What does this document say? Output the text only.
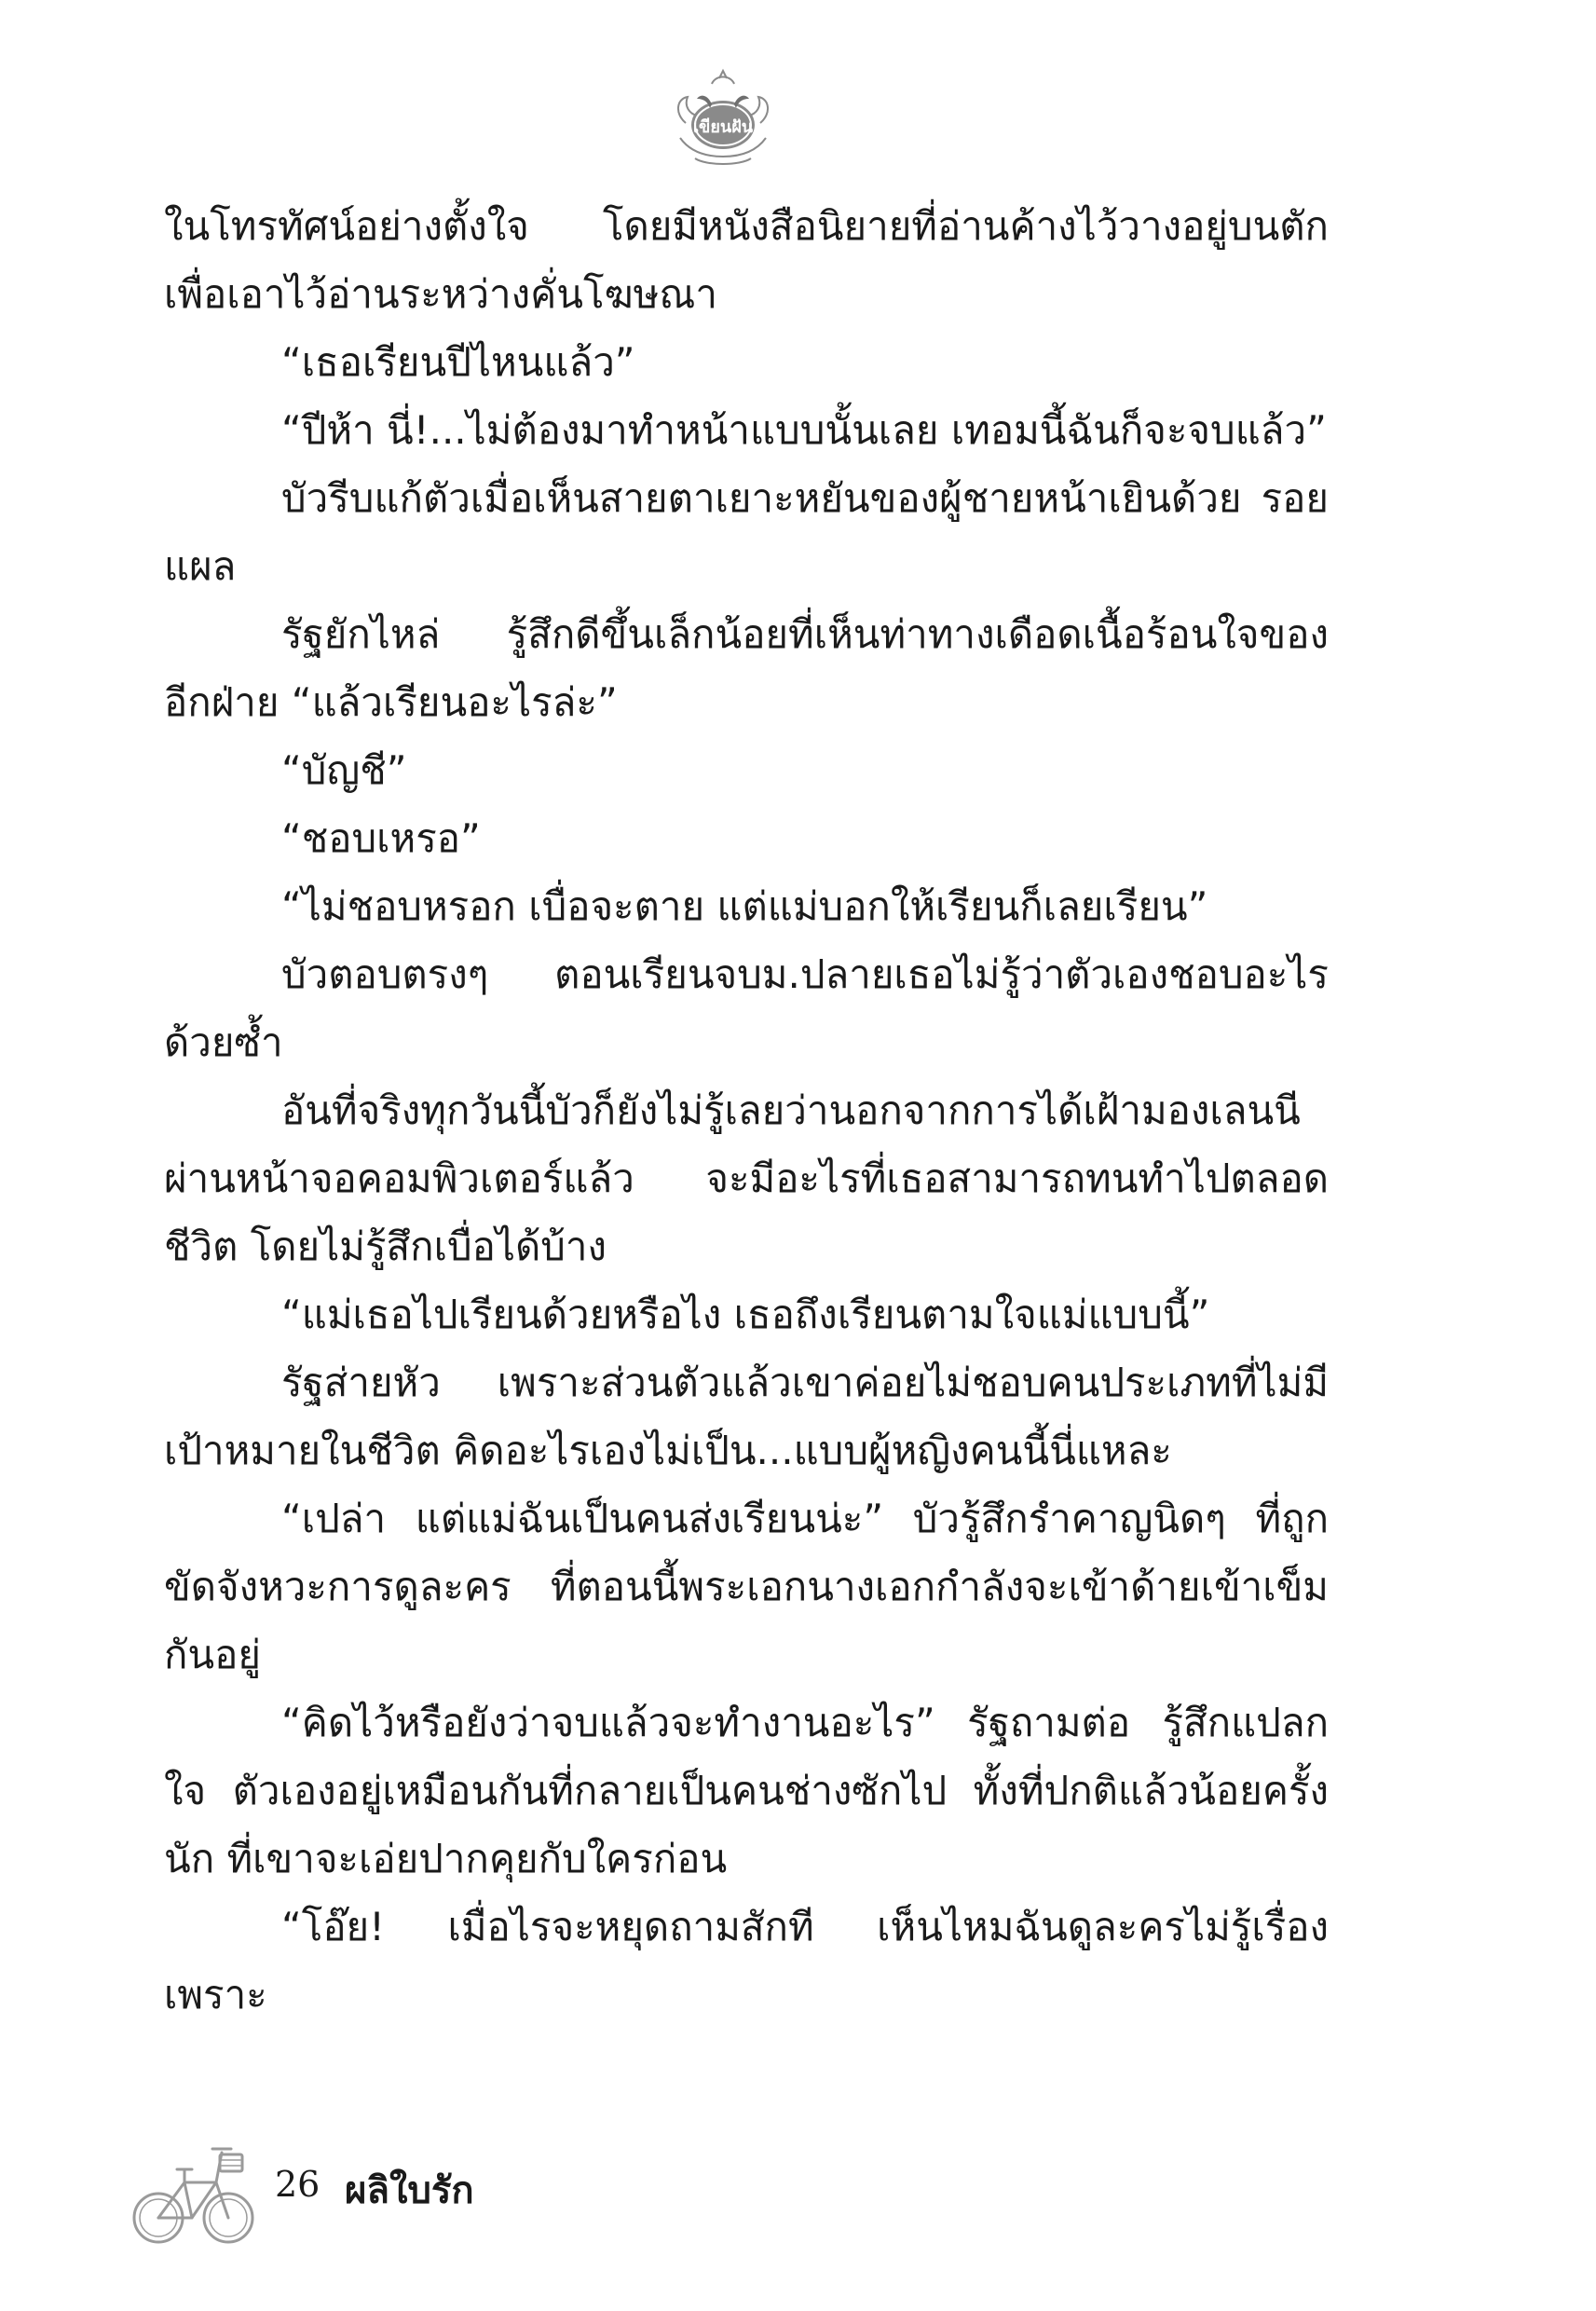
เขียนฝัน

ในโทรทัศน์อย่างตั้งใจ โดยมีหนังสือนิยายที่อ่านค้างไว้วางอยู่บนตัก เพื่อเอาไว้อ่านระหว่างคั่นโฆษณา

“เธอเรียนปีไหนแล้ว”

“ปีห้า นี่!...ไม่ต้องมาทำหน้าแบบนั้นเลย เทอมนี้ฉันก็จะจบแล้ว”

บัวรีบแก้ตัวเมื่อเห็นสายตาเยาะหยันของผู้ชายหน้าเยินด้วย รอยแผล

รัฐยักไหล่ รู้สึกดีขึ้นเล็กน้อยที่เห็นท่าทางเดือดเนื้อร้อนใจของ อีกฝ่าย “แล้วเรียนอะไรล่ะ”

“บัญชี”

“ชอบเหรอ”

“ไม่ชอบหรอก เบื่อจะตาย แต่แม่บอกให้เรียนก็เลยเรียน”

บัวตอบตรงๆ ตอนเรียนจบม.ปลายเธอไม่รู้ว่าตัวเองชอบอะไร ด้วยซ้ำ

อันที่จริงทุกวันนี้บัวก็ยังไม่รู้เลยว่านอกจากการได้เฝ้ามองเลนนี ผ่านหน้าจอคอมพิวเตอร์แล้ว จะมีอะไรที่เธอสามารถทนทำไปตลอดชีวิต โดยไม่รู้สึกเบื่อได้บ้าง

“แม่เธอไปเรียนด้วยหรือไง เธอถึงเรียนตามใจแม่แบบนี้”

รัฐส่ายหัว เพราะส่วนตัวแล้วเขาค่อยไม่ชอบคนประเภทที่ไม่มี เป้าหมายในชีวิต คิดอะไรเองไม่เป็น...แบบผู้หญิงคนนี้นี่แหละ

“เปล่า แต่แม่ฉันเป็นคนส่งเรียนน่ะ” บัวรู้สึกรำคาญนิดๆ ที่ถูก ขัดจังหวะการดูละคร ที่ตอนนี้พระเอกนางเอกกำลังจะเข้าด้ายเข้าเข็ม กันอยู่

“คิดไว้หรือยังว่าจบแล้วจะทำงานอะไร” รัฐถามต่อ รู้สึกแปลกใจ ตัวเองอยู่เหมือนกันที่กลายเป็นคนช่างซักไป ทั้งที่ปกติแล้วน้อยครั้งนัก ที่เขาจะเอ่ยปากคุยกับใครก่อน

“โอ๊ย! เมื่อไรจะหยุดถามสักที เห็นไหมฉันดูละครไม่รู้เรื่องเพราะ

26 ผลิใบรัก
